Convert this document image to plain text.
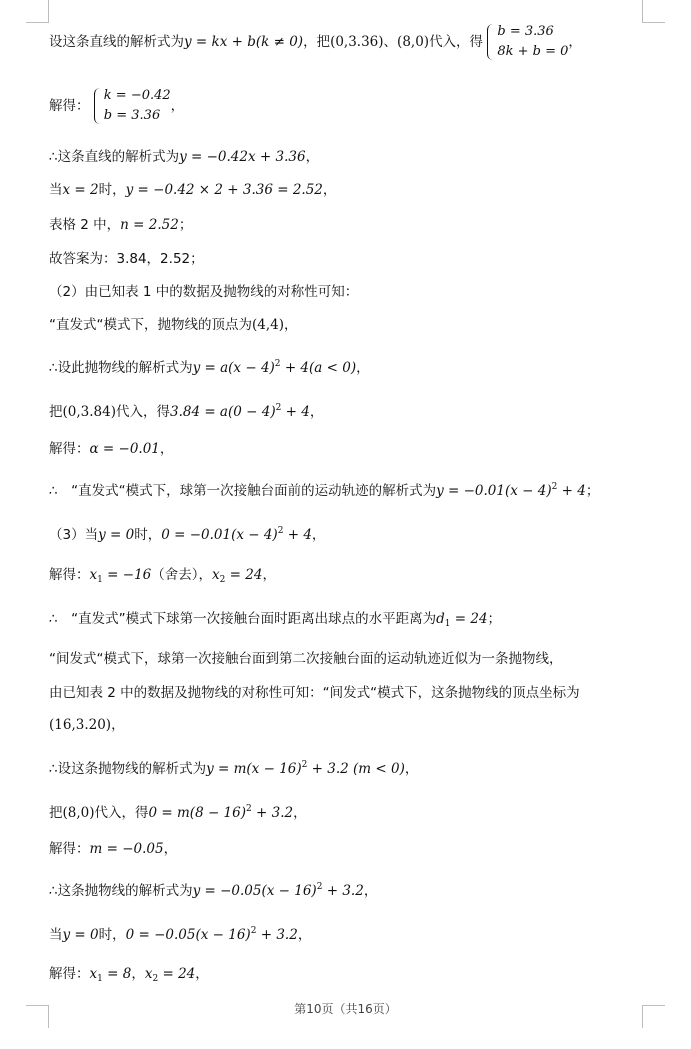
设这条直线的解析式为y = kx + b(k ≠ 0)，把(0,3.36)、(8,0)代入，得
b = 3.36
8k + b = 0
，
解得：
k = −0.42
b = 3.36
，
∴这条直线的解析式为y = −0.42x + 3.36，
当x = 2时，y = −0.42 × 2 + 3.36 = 2.52，
表格 2 中，n = 2.52；
故答案为：3.84，2.52；
（2）由已知表 1 中的数据及抛物线的对称性可知：
“直发式“模式下，抛物线的顶点为(4,4)，
∴设此抛物线的解析式为$y = a(x - 4)^2 + 4(a < 0)$，
把(0,3.84)代入，得$3.84 = a(0 - 4)^2 + 4$，
解得：α = −0.01，
∴　“直发式“模式下，球第一次接触台面前的运动轨迹的解析式为$y = -0.01(x - 4)^2 + 4$；
（3）当y = 0时，$0 = -0.01(x - 4)^2 + 4$，
解得：$x_1 = -16$（舍去），$x_2 = 24$，
∴　“直发式”模式下球第一次接触台面时距离出球点的水平距离为$d_1 = 24$；
“间发式“模式下，球第一次接触台面到第二次接触台面的运动轨迹近似为一条抛物线，
由已知表 2 中的数据及抛物线的对称性可知：“间发式“模式下，这条抛物线的顶点坐标为
(16,3.20)，
∴设这条抛物线的解析式为$y = m(x - 16)^2 + 3.2$ (m < 0)，
把(8,0)代入，得$0 = m(8 - 16)^2 + 3.2$，
解得：m = −0.05，
∴这条抛物线的解析式为$y = -0.05(x - 16)^2 + 3.2$，
当y = 0时，$0 = -0.05(x - 16)^2 + 3.2$，
解得：$x_1 = 8$，$x_2 = 24$，
第10页（共16页）
